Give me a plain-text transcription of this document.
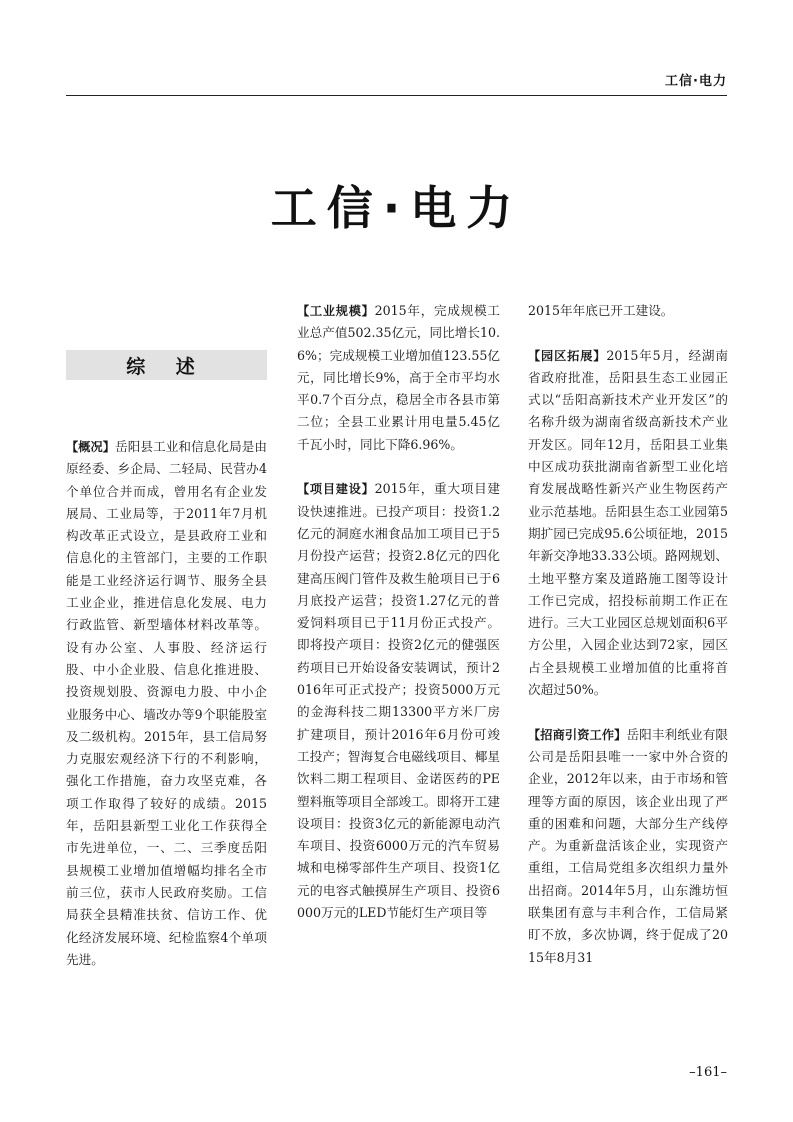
工信·电力
工信·电力
综 述

【概况】岳阳县工业和信息化局是由原经委、乡企局、二轻局、民营办4个单位合并而成，曾用名有企业发展局、工业局等，于2011年7月机构改革正式设立，是县政府工业和信息化的主管部门，主要的工作职能是工业经济运行调节、服务全县工业企业，推进信息化发展、电力行政监管、新型墙体材料改革等。设有办公室、人事股、经济运行股、中小企业股、信息化推进股、投资规划股、资源电力股、中小企业服务中心、墙改办等9个职能股室及二级机构。2015年，县工信局努力克服宏观经济下行的不利影响，强化工作措施，奋力攻坚克难，各项工作取得了较好的成绩。2015年，岳阳县新型工业化工作获得全市先进单位，一、二、三季度岳阳县规模工业增加值增幅均排名全市前三位，获市人民政府奖励。工信局获全县精准扶贫、信访工作、优化经济发展环境、纪检监察4个单项先进。

【工业规模】2015年，完成规模工业总产值502.35亿元，同比增长10.6%；完成规模工业增加值123.55亿元，同比增长9%，高于全市平均水平0.7个百分点，稳居全市各县市第二位；全县工业累计用电量5.45亿千瓦小时，同比下降6.96%。

【项目建设】2015年，重大项目建设快速推进。已投产项目：投资1.2亿元的洞庭水湘食品加工项目已于5月份投产运营；投资2.8亿元的四化建高压阀门管件及救生舱项目已于6月底投产运营；投资1.27亿元的普爱饲料项目已于11月份正式投产。即将投产项目：投资2亿元的健强医药项目已开始设备安装调试，预计2016年可正式投产；投资5000万元的金海科技二期13300平方米厂房扩建项目，预计2016年6月份可竣工投产；智海复合电磁线项目、椰星饮料二期工程项目、金诺医药的PE塑料瓶等项目全部竣工。即将开工建设项目：投资3亿元的新能源电动汽车项目、投资6000万元的汽车贸易城和电梯零部件生产项目、投资1亿元的电容式触摸屏生产项目、投资6000万元的LED节能灯生产项目等

2015年年底已开工建设。

【园区拓展】2015年5月，经湖南省政府批准，岳阳县生态工业园正式以“岳阳高新技术产业开发区”的名称升级为湖南省级高新技术产业开发区。同年12月，岳阳县工业集中区成功获批湖南省新型工业化培育发展战略性新兴产业生物医药产业示范基地。岳阳县生态工业园第5期扩园已完成95.6公顷征地，2015年新交净地33.33公顷。路网规划、土地平整方案及道路施工图等设计工作已完成，招投标前期工作正在进行。三大工业园区总规划面积6平方公里，入园企业达到72家，园区占全县规模工业增加值的比重将首次超过50%。

【招商引资工作】岳阳丰利纸业有限公司是岳阳县唯一一家中外合资的企业，2012年以来，由于市场和管理等方面的原因，该企业出现了严重的困难和问题，大部分生产线停产。为重新盘活该企业，实现资产重组，工信局党组多次组织力量外出招商。2014年5月，山东潍坊恒联集团有意与丰利合作，工信局紧盯不放，多次协调，终于促成了2015年8月31

–161–
